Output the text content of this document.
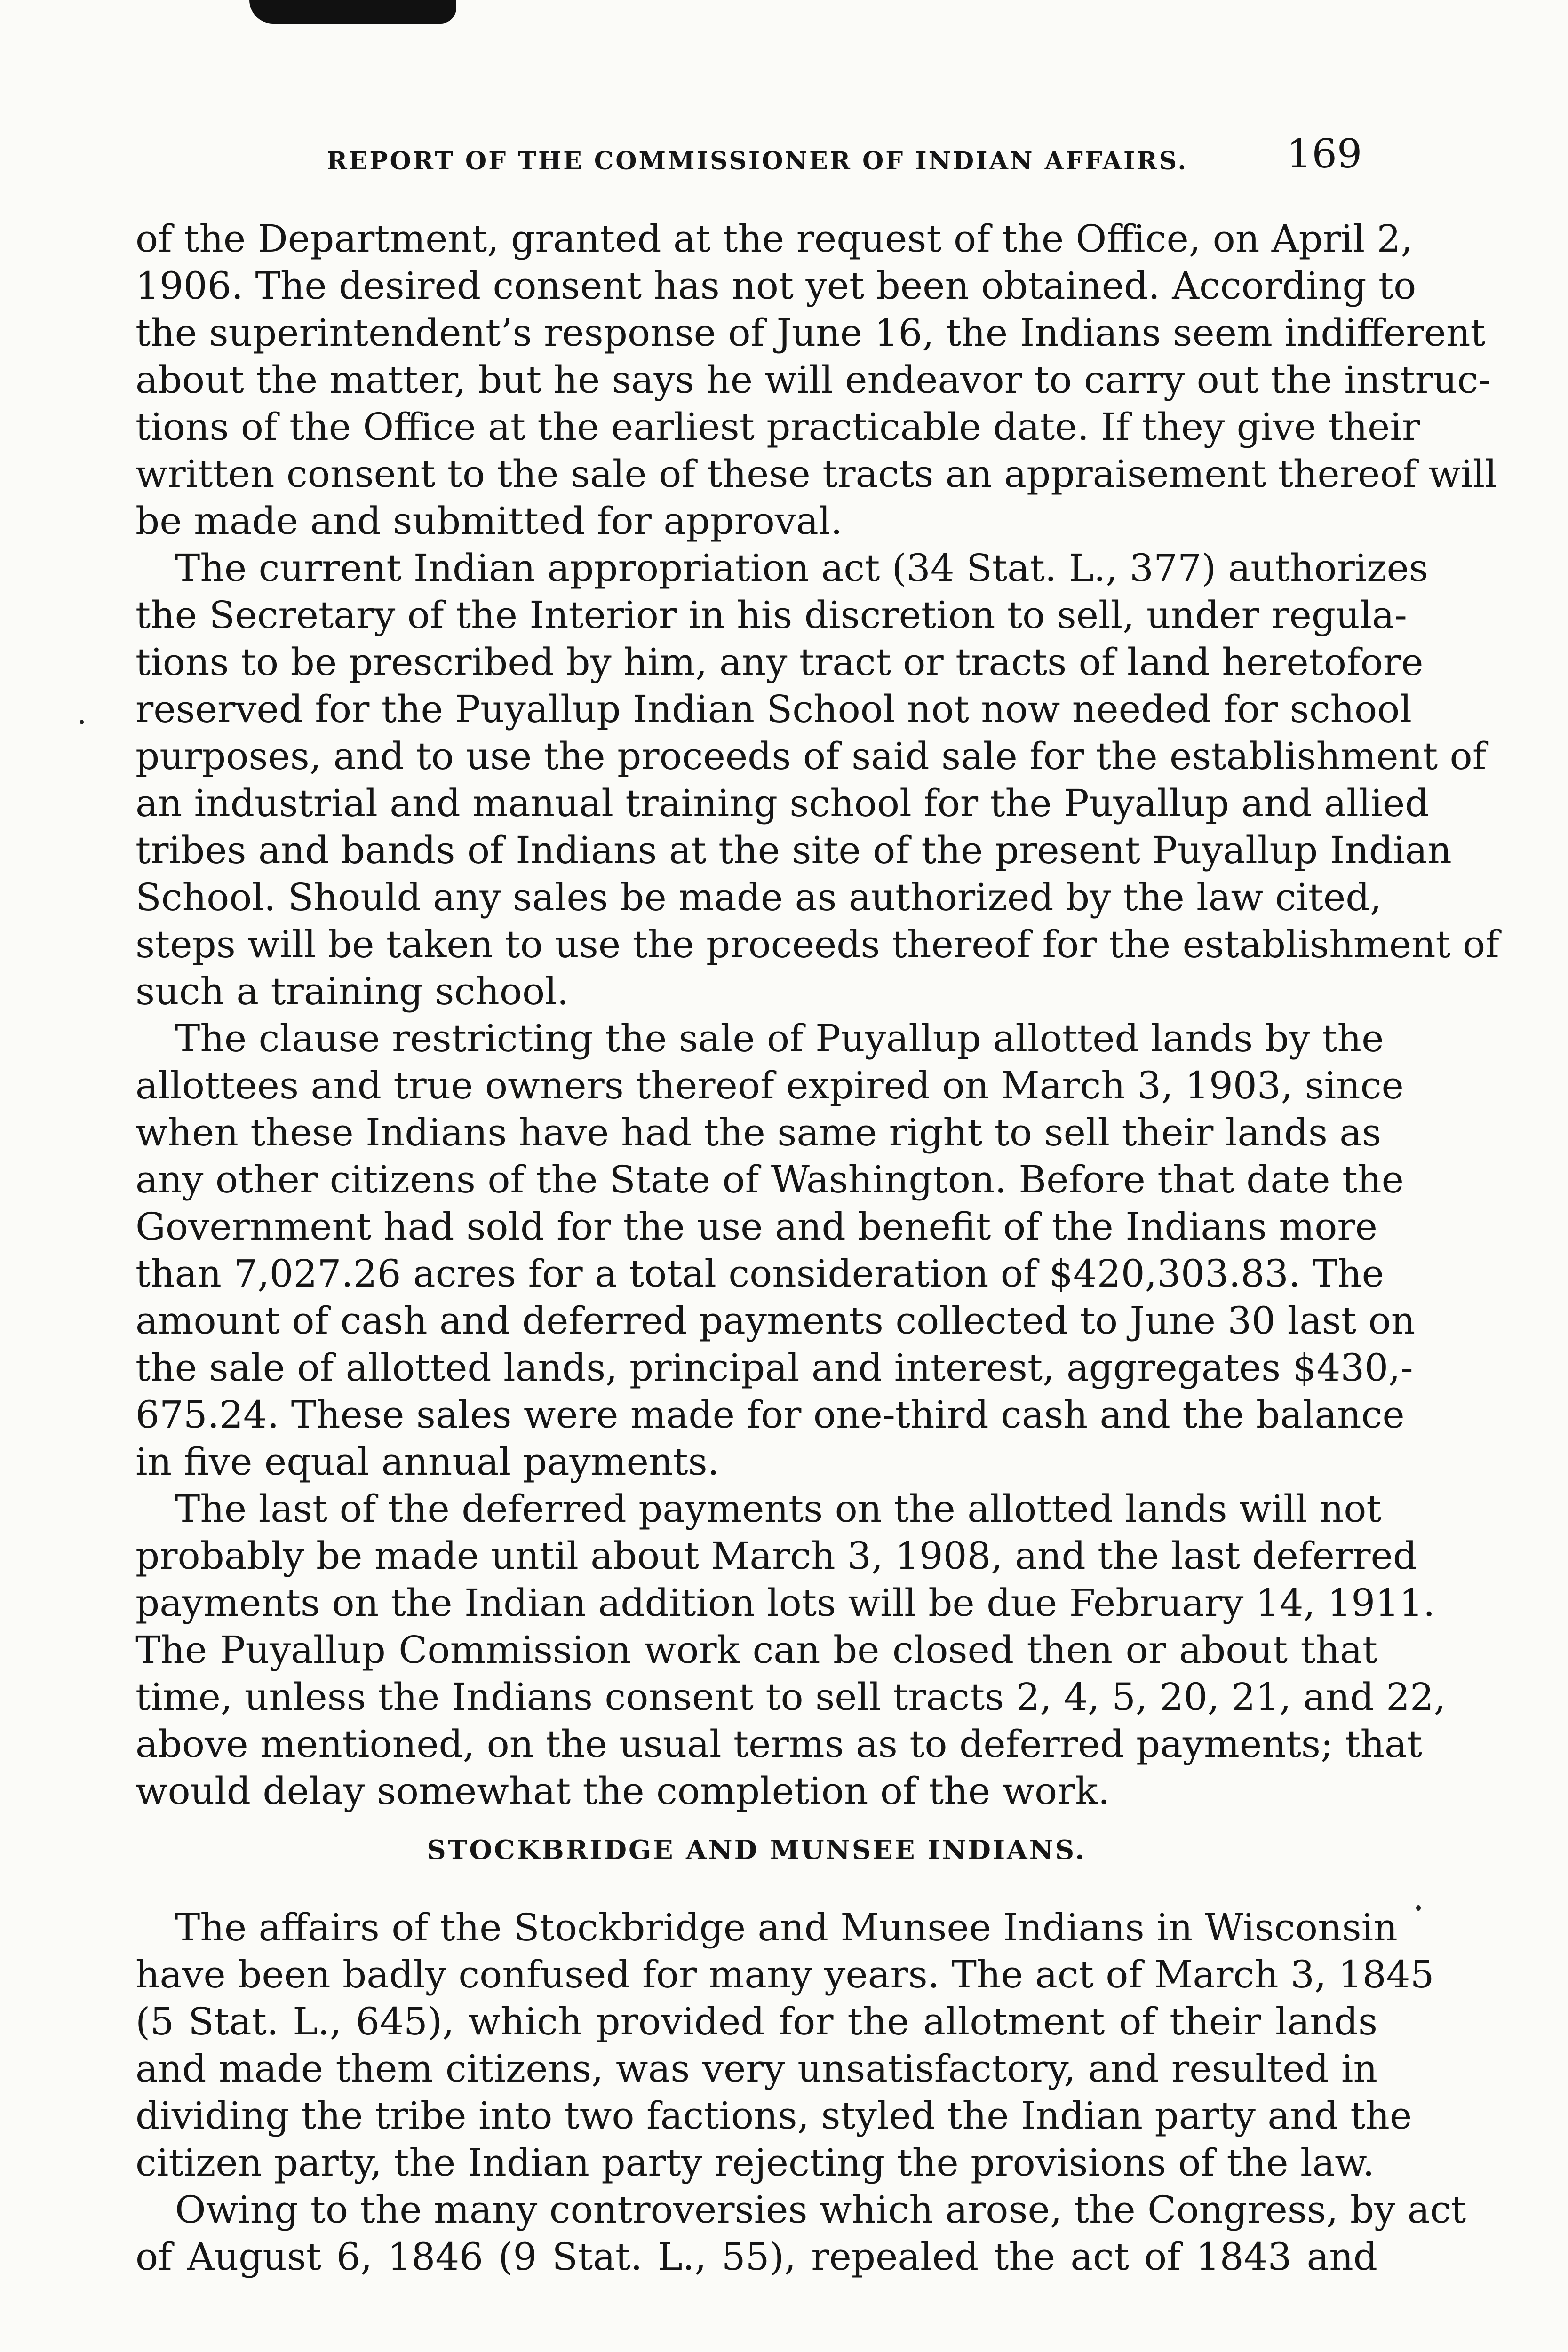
REPORT OF THE COMMISSIONER OF INDIAN AFFAIRS.	169
of the Department, granted at the request of the Office, on April 2,
1906. The desired consent has not yet been obtained. According to
the superintendent’s response of June 16, the Indians seem indifferent
about the matter, but he says he will endeavor to carry out the instruc-
tions of the Office at the earliest practicable date. If they give their
written consent to the sale of these tracts an appraisement thereof will
be made and submitted for approval.
The current Indian appropriation act (34 Stat. L., 377) authorizes
the Secretary of the Interior in his discretion to sell, under regula-
tions to be prescribed by him, any tract or tracts of land heretofore
reserved for the Puyallup Indian School not now needed for school
purposes, and to use the proceeds of said sale for the establishment of
an industrial and manual training school for the Puyallup and allied
tribes and bands of Indians at the site of the present Puyallup Indian
School. Should any sales be made as authorized by the law cited,
steps will be taken to use the proceeds thereof for the establishment of
such a training school.
The clause restricting the sale of Puyallup allotted lands by the
allottees and true owners thereof expired on March 3, 1903, since
when these Indians have had the same right to sell their lands as
any other citizens of the State of Washington. Before that date the
Government had sold for the use and benefit of the Indians more
than 7,027.26 acres for a total consideration of $420,303.83. The
amount of cash and deferred payments collected to June 30 last on
the sale of allotted lands, principal and interest, aggregates $430,-
675.24. These sales were made for one-third cash and the balance
in five equal annual payments.
The last of the deferred payments on the allotted lands will not
probably be made until about March 3, 1908, and the last deferred
payments on the Indian addition lots will be due February 14, 1911.
The Puyallup Commission work can be closed then or about that
time, unless the Indians consent to sell tracts 2, 4, 5, 20, 21, and 22,
above mentioned, on the usual terms as to deferred payments; that
would delay somewhat the completion of the work.
STOCKBRIDGE AND MUNSEE INDIANS.
The affairs of the Stockbridge and Munsee Indians in Wisconsin
have been badly confused for many years. The act of March 3, 1845
(5 Stat. L., 645), which provided for the allotment of their lands
and made them citizens, was very unsatisfactory, and resulted in
dividing the tribe into two factions, styled the Indian party and the
citizen party, the Indian party rejecting the provisions of the law.
Owing to the many controversies which arose, the Congress, by act
of August 6, 1846 (9 Stat. L., 55), repealed the act of 1843 and
